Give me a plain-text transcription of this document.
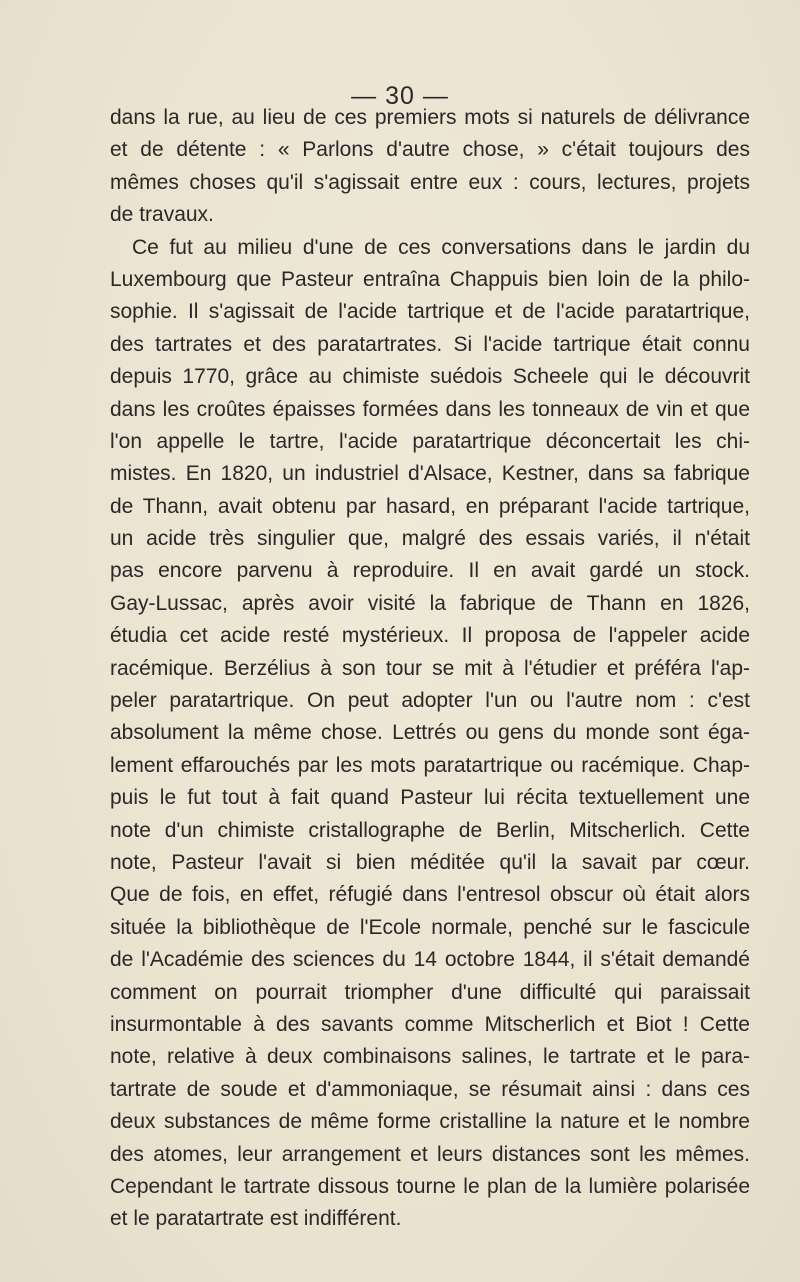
— 30 —
dans la rue, au lieu de ces premiers mots si naturels de délivrance
et de détente : « Parlons d'autre chose, » c'était toujours des
mêmes choses qu'il s'agissait entre eux : cours, lectures, projets
de travaux.
Ce fut au milieu d'une de ces conversations dans le jardin du
Luxembourg que Pasteur entraîna Chappuis bien loin de la philo-
sophie. Il s'agissait de l'acide tartrique et de l'acide paratartrique,
des tartrates et des paratartrates. Si l'acide tartrique était connu
depuis 1770, grâce au chimiste suédois Scheele qui le découvrit
dans les croûtes épaisses formées dans les tonneaux de vin et que
l'on appelle le tartre, l'acide paratartrique déconcertait les chi-
mistes. En 1820, un industriel d'Alsace, Kestner, dans sa fabrique
de Thann, avait obtenu par hasard, en préparant l'acide tartrique,
un acide très singulier que, malgré des essais variés, il n'était
pas encore parvenu à reproduire. Il en avait gardé un stock.
Gay-Lussac, après avoir visité la fabrique de Thann en 1826,
étudia cet acide resté mystérieux. Il proposa de l'appeler acide
racémique. Berzélius à son tour se mit à l'étudier et préféra l'ap-
peler paratartrique. On peut adopter l'un ou l'autre nom : c'est
absolument la même chose. Lettrés ou gens du monde sont éga-
lement effarouchés par les mots paratartrique ou racémique. Chap-
puis le fut tout à fait quand Pasteur lui récita textuellement une
note d'un chimiste cristallographe de Berlin, Mitscherlich. Cette
note, Pasteur l'avait si bien méditée qu'il la savait par cœur.
Que de fois, en effet, réfugié dans l'entresol obscur où était alors
située la bibliothèque de l'Ecole normale, penché sur le fascicule
de l'Académie des sciences du 14 octobre 1844, il s'était demandé
comment on pourrait triompher d'une difficulté qui paraissait
insurmontable à des savants comme Mitscherlich et Biot ! Cette
note, relative à deux combinaisons salines, le tartrate et le para-
tartrate de soude et d'ammoniaque, se résumait ainsi : dans ces
deux substances de même forme cristalline la nature et le nombre
des atomes, leur arrangement et leurs distances sont les mêmes.
Cependant le tartrate dissous tourne le plan de la lumière polarisée
et le paratartrate est indifférent.
